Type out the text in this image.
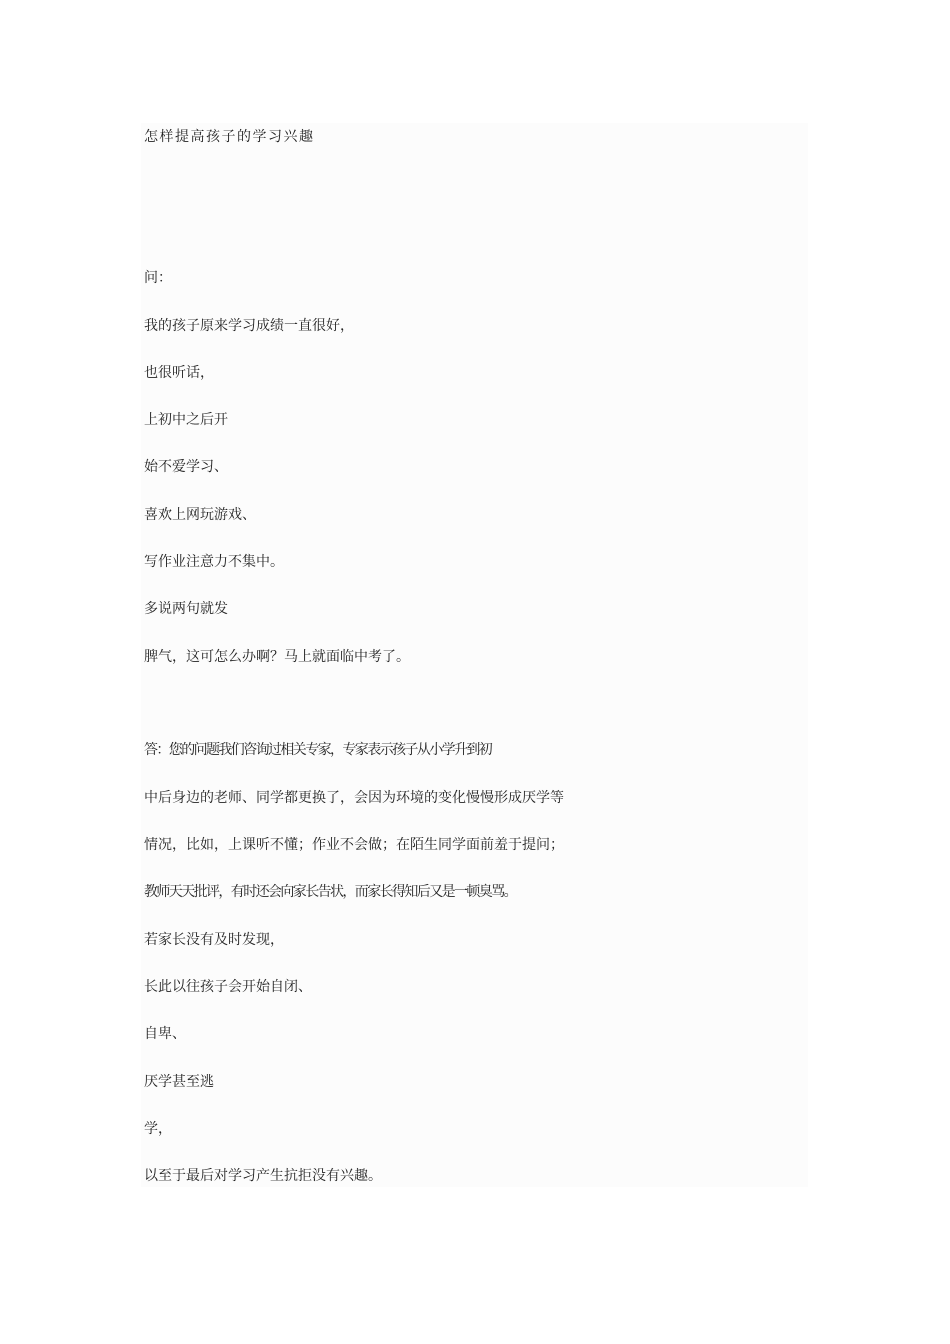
怎样提高孩子的学习兴趣
问：
我的孩子原来学习成绩一直很好，
也很听话，
上初中之后开
始不爱学习、
喜欢上网玩游戏、
写作业注意力不集中。
多说两句就发
脾气，这可怎么办啊？马上就面临中考了。
答：您的问题我们咨询过相关专家，专家表示孩子从小学升到初
中后身边的老师、同学都更换了，会因为环境的变化慢慢形成厌学等
情况，比如，上课听不懂；作业不会做；在陌生同学面前羞于提问；
教师天天批评，有时还会向家长告状，而家长得知后又是一顿臭骂。
若家长没有及时发现，
长此以往孩子会开始自闭、
自卑、
厌学甚至逃
学，
以至于最后对学习产生抗拒没有兴趣。
